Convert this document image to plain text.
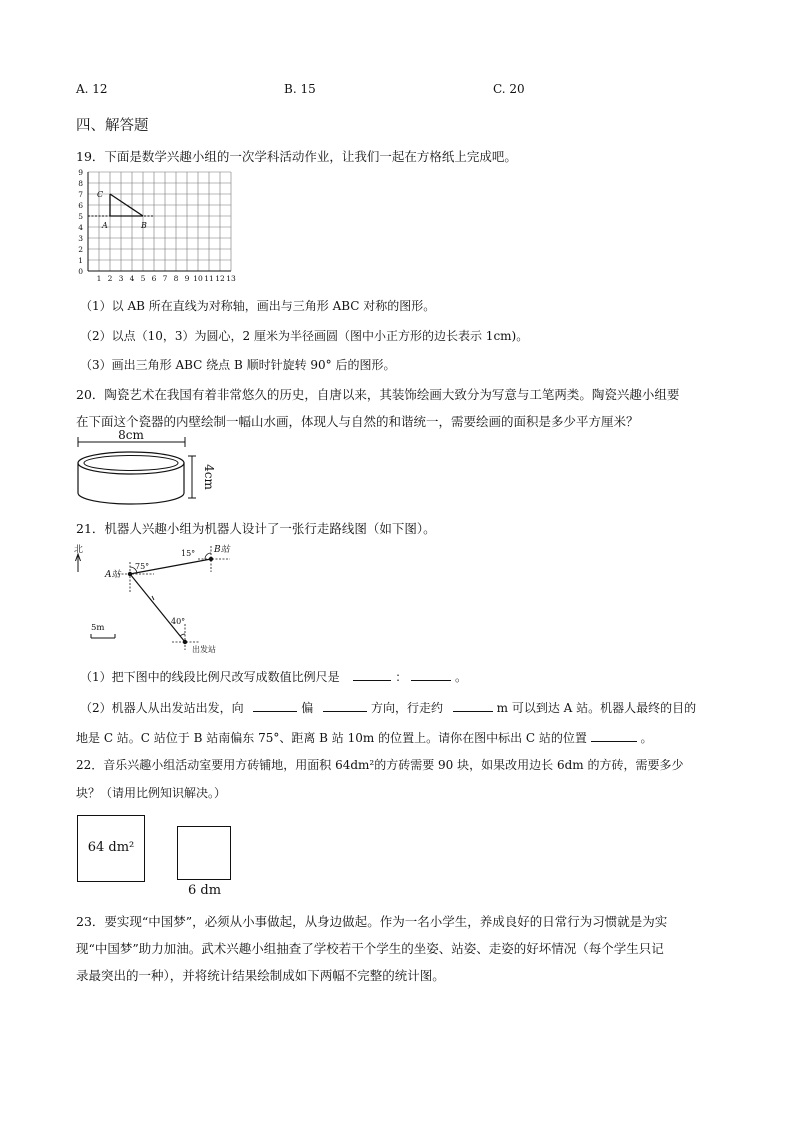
A. 12	B. 15	C. 20
四、解答题
19．下面是数学兴趣小组的一次学科活动作业，让我们一起在方格纸上完成吧。
1 2 3 4 5 6 7 8 9 10 11 12 13
0
1
2
3
4
5
6
7
8
9
C
A	B
（1）以 AB 所在直线为对称轴，画出与三角形 ABC 对称的图形。
（2）以点（10，3）为圆心，2 厘米为半径画圆（图中小正方形的边长表示 1cm)。
（3）画出三角形 ABC 绕点 B 顺时针旋转 90° 后的图形。
20．陶瓷艺术在我国有着非常悠久的历史，自唐以来，其装饰绘画大致分为写意与工笔两类。陶瓷兴趣小组要
在下面这个瓷器的内壁绘制一幅山水画，体现人与自然的和谐统一，需要绘画的面积是多少平方厘米？
8cm
4cm
21．机器人兴趣小组为机器人设计了一张行走路线图（如下图）。
北
A站
B站
75°
15°
40°
出发站
5m
（1）把下图中的线段比例尺改写成数值比例尺是	：	。
（2）机器人从出发站出发，向	偏	方向，行走约	m 可以到达 A 站。机器人最终的目的
地是 C 站。C 站位于 B 站南偏东 75°、距离 B 站 10m 的位置上。请你在图中标出 C 站的位置	。
22．音乐兴趣小组活动室要用方砖铺地，用面积 64dm²的方砖需要 90 块，如果改用边长 6dm 的方砖，需要多少
块？（请用比例知识解决。）
64 dm²
6 dm
23．要实现“中国梦”，必须从小事做起，从身边做起。作为一名小学生，养成良好的日常行为习惯就是为实
现“中国梦”助力加油。武术兴趣小组抽查了学校若干个学生的坐姿、站姿、走姿的好坏情况（每个学生只记
录最突出的一种），并将统计结果绘制成如下两幅不完整的统计图。
